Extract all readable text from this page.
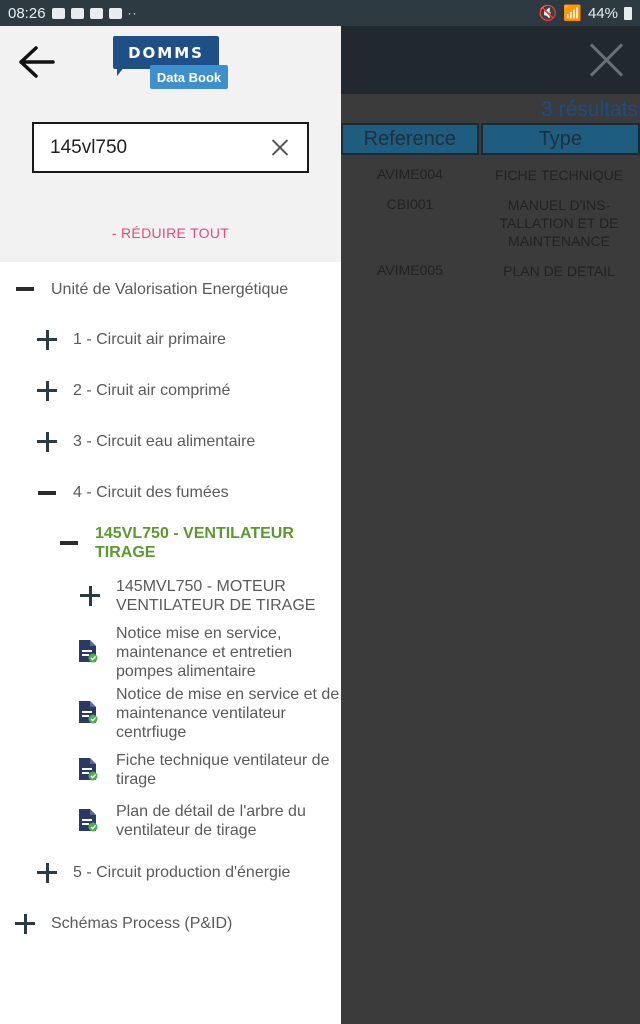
08:26	··	🔇 📶 44%
3 résultats
Reference	Type
AVIME004	FICHE TECHNIQUE
CBI001	MANUEL D'INS-TALLATION ET DE MAINTENANCE
AVIME005	PLAN DE DETAIL
DOMMS
Data Book
145vl750
- RÉDUIRE TOUT
Unité de Valorisation Energétique
1 - Circuit air primaire
2 - Ciruit air comprimé
3 - Circuit eau alimentaire
4 - Circuit des fumées
145VL750 - VENTILATEUR TIRAGE
145MVL750 - MOTEUR VENTILATEUR DE TIRAGE
Notice mise en service, maintenance et entretien pompes alimentaire
Notice de mise en service et de maintenance ventilateur centrfiuge
Fiche technique ventilateur de tirage
Plan de détail de l'arbre du ventilateur de tirage
5 - Circuit production d'énergie
Schémas Process (P&ID)
